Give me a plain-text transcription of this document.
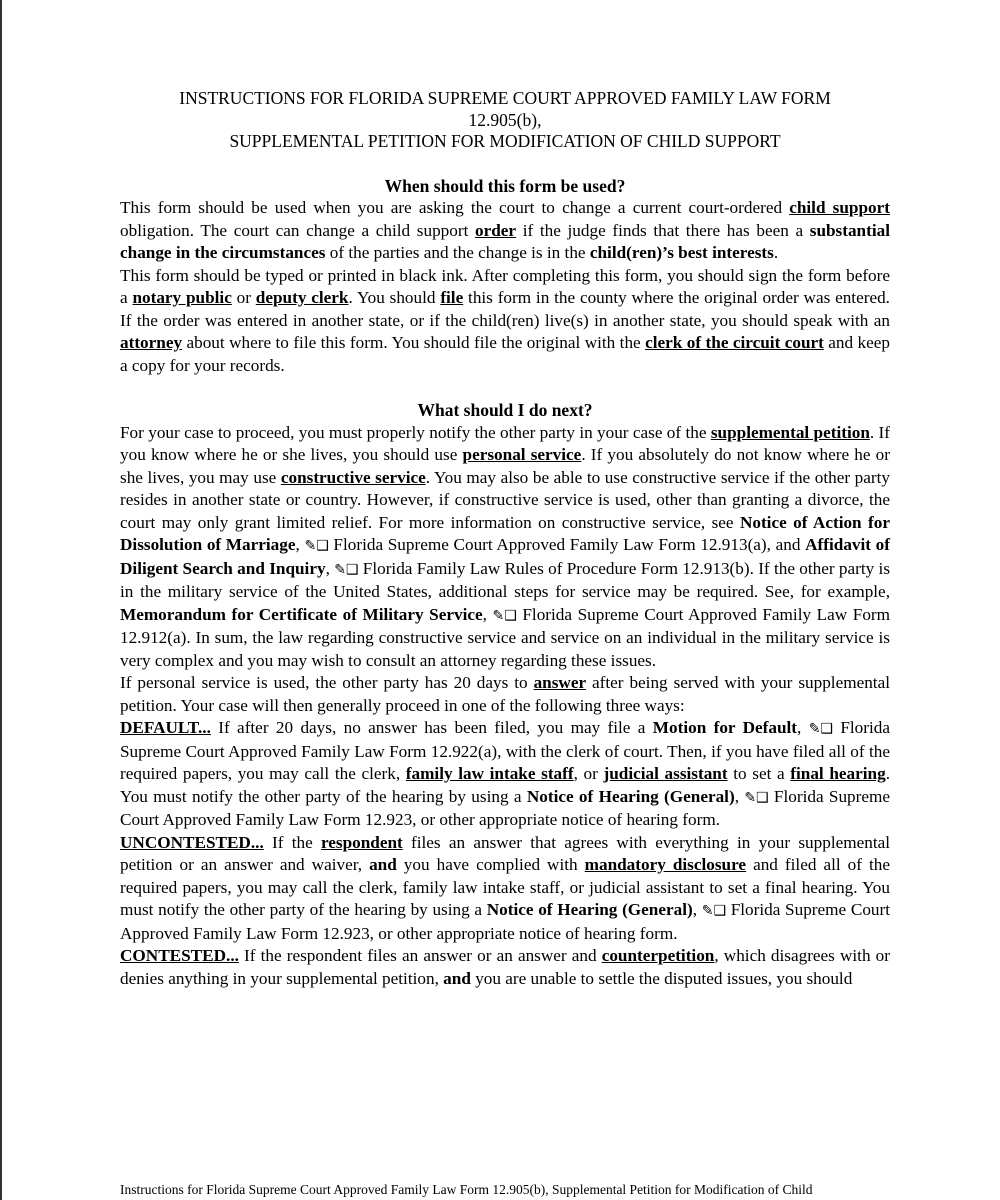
INSTRUCTIONS FOR FLORIDA SUPREME COURT APPROVED FAMILY LAW FORM
12.905(b),
SUPPLEMENTAL PETITION FOR MODIFICATION OF CHILD SUPPORT
When should this form be used?

This form should be used when you are asking the court to change a current court-ordered child support obligation. The court can change a child support order if the judge finds that there has been a substantial change in the circumstances of the parties and the change is in the child(ren)’s best interests.

This form should be typed or printed in black ink. After completing this form, you should sign the form before a notary public or deputy clerk. You should file this form in the county where the original order was entered. If the order was entered in another state, or if the child(ren) live(s) in another state, you should speak with an attorney about where to file this form. You should file the original with the clerk of the circuit court and keep a copy for your records.

What should I do next?

For your case to proceed, you must properly notify the other party in your case of the supplemental petition. If you know where he or she lives, you should use personal service. If you absolutely do not know where he or she lives, you may use constructive service. You may also be able to use constructive service if the other party resides in another state or country. However, if constructive service is used, other than granting a divorce, the court may only grant limited relief. For more information on constructive service, see Notice of Action for Dissolution of Marriage, ✎❑ Florida Supreme Court Approved Family Law Form 12.913(a), and Affidavit of Diligent Search and Inquiry, ✎❑ Florida Family Law Rules of Procedure Form 12.913(b). If the other party is in the military service of the United States, additional steps for service may be required. See, for example, Memorandum for Certificate of Military Service, ✎❑ Florida Supreme Court Approved Family Law Form 12.912(a). In sum, the law regarding constructive service and service on an individual in the military service is very complex and you may wish to consult an attorney regarding these issues.

If personal service is used, the other party has 20 days to answer after being served with your supplemental petition. Your case will then generally proceed in one of the following three ways:

DEFAULT... If after 20 days, no answer has been filed, you may file a Motion for Default, ✎❑ Florida Supreme Court Approved Family Law Form 12.922(a), with the clerk of court. Then, if you have filed all of the required papers, you may call the clerk, family law intake staff, or judicial assistant to set a final hearing. You must notify the other party of the hearing by using a Notice of Hearing (General), ✎❑ Florida Supreme Court Approved Family Law Form 12.923, or other appropriate notice of hearing form.

UNCONTESTED... If the respondent files an answer that agrees with everything in your supplemental petition or an answer and waiver, and you have complied with mandatory disclosure and filed all of the required papers, you may call the clerk, family law intake staff, or judicial assistant to set a final hearing. You must notify the other party of the hearing by using a Notice of Hearing (General), ✎❑ Florida Supreme Court Approved Family Law Form 12.923, or other appropriate notice of hearing form.

CONTESTED... If the respondent files an answer or an answer and counterpetition, which disagrees with or denies anything in your supplemental petition, and you are unable to settle the disputed issues, you should

Instructions for Florida Supreme Court Approved Family Law Form 12.905(b), Supplemental Petition for Modification of Child
